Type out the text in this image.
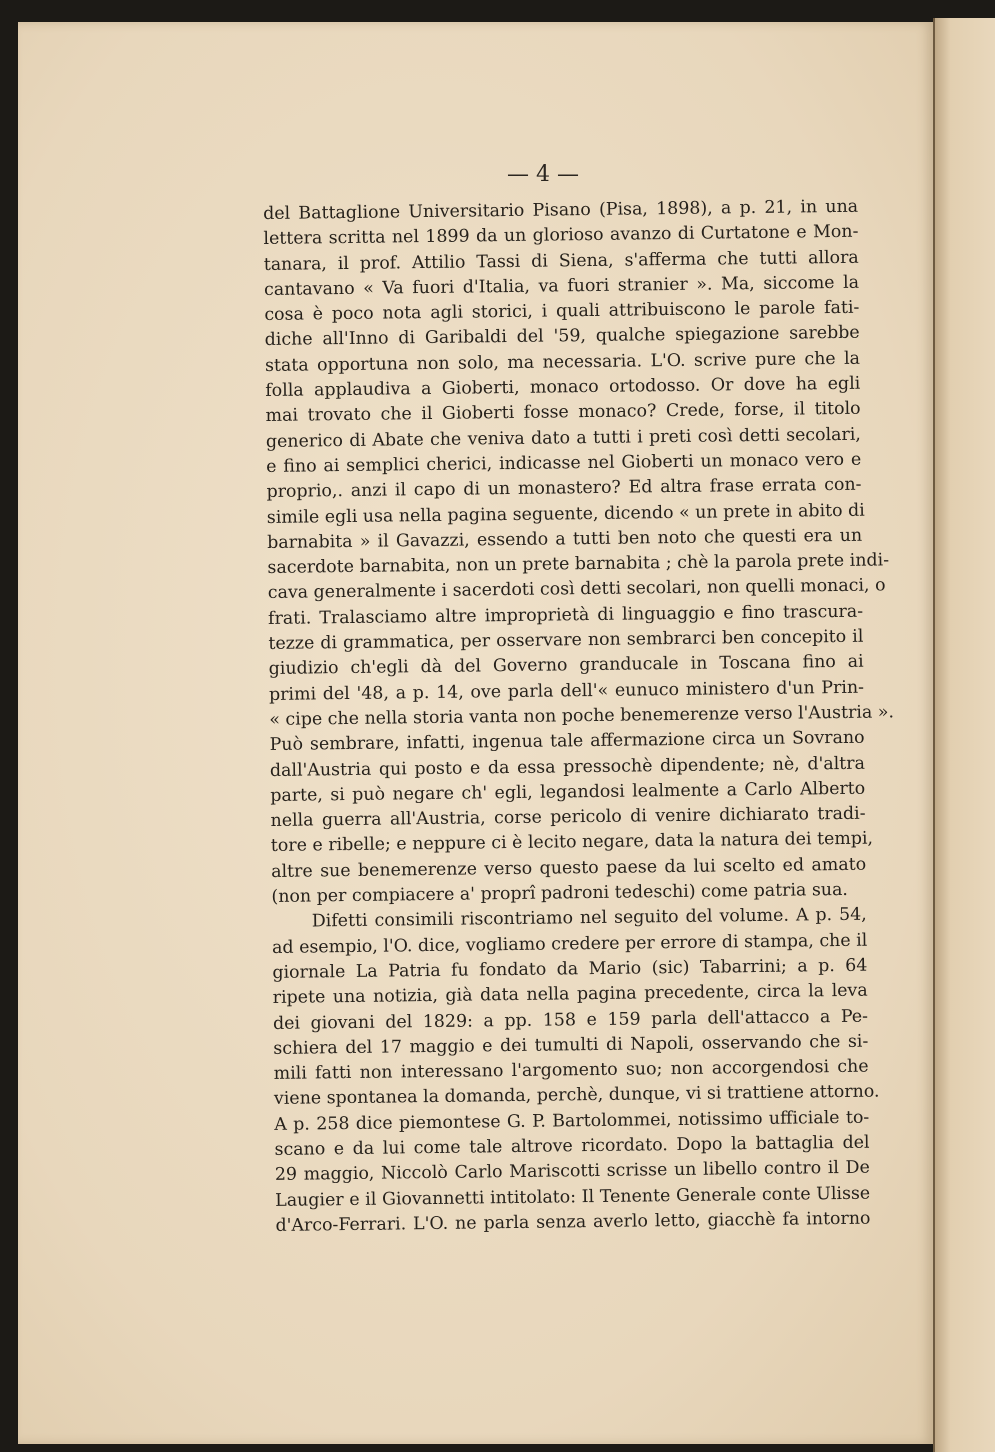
— 4 —
del Battaglione Universitario Pisano (Pisa, 1898), a p. 21, in una
lettera scritta nel 1899 da un glorioso avanzo di Curtatone e Mon-
tanara, il prof. Attilio Tassi di Siena, s'afferma che tutti allora
cantavano « Va fuori d'Italia, va fuori stranier ». Ma, siccome la
cosa è poco nota agli storici, i quali attribuiscono le parole fati-
diche all'Inno di Garibaldi del '59, qualche spiegazione sarebbe
stata opportuna non solo, ma necessaria. L'O. scrive pure che la
folla applaudiva a Gioberti, monaco ortodosso. Or dove ha egli
mai trovato che il Gioberti fosse monaco? Crede, forse, il titolo
generico di Abate che veniva dato a tutti i preti così detti secolari,
e fino ai semplici cherici, indicasse nel Gioberti un monaco vero e
proprio,. anzi il capo di un monastero? Ed altra frase errata con-
simile egli usa nella pagina seguente, dicendo « un prete in abito di
barnabita » il Gavazzi, essendo a tutti ben noto che questi era un
sacerdote barnabita, non un prete barnabita ; chè la parola prete indi-
cava generalmente i sacerdoti così detti secolari, non quelli monaci, o
frati. Tralasciamo altre improprietà di linguaggio e fino trascura-
tezze di grammatica, per osservare non sembrarci ben concepito il
giudizio ch'egli dà del Governo granducale in Toscana fino ai
primi del '48, a p. 14, ove parla dell'« eunuco ministero d'un Prin-
« cipe che nella storia vanta non poche benemerenze verso l'Austria ».
Può sembrare, infatti, ingenua tale affermazione circa un Sovrano
dall'Austria qui posto e da essa pressochè dipendente; nè, d'altra
parte, si può negare ch' egli, legandosi lealmente a Carlo Alberto
nella guerra all'Austria, corse pericolo di venire dichiarato tradi-
tore e ribelle; e neppure ci è lecito negare, data la natura dei tempi,
altre sue benemerenze verso questo paese da lui scelto ed amato
(non per compiacere a' proprî padroni tedeschi) come patria sua.
Difetti consimili riscontriamo nel seguito del volume. A p. 54,
ad esempio, l'O. dice, vogliamo credere per errore di stampa, che il
giornale La Patria fu fondato da Mario (sic) Tabarrini; a p. 64
ripete una notizia, già data nella pagina precedente, circa la leva
dei giovani del 1829: a pp. 158 e 159 parla dell'attacco a Pe-
schiera del 17 maggio e dei tumulti di Napoli, osservando che si-
mili fatti non interessano l'argomento suo; non accorgendosi che
viene spontanea la domanda, perchè, dunque, vi si trattiene attorno.
A p. 258 dice piemontese G. P. Bartolommei, notissimo ufficiale to-
scano e da lui come tale altrove ricordato. Dopo la battaglia del
29 maggio, Niccolò Carlo Mariscotti scrisse un libello contro il De
Laugier e il Giovannetti intitolato: Il Tenente Generale conte Ulisse
d'Arco-Ferrari. L'O. ne parla senza averlo letto, giacchè fa intorno
